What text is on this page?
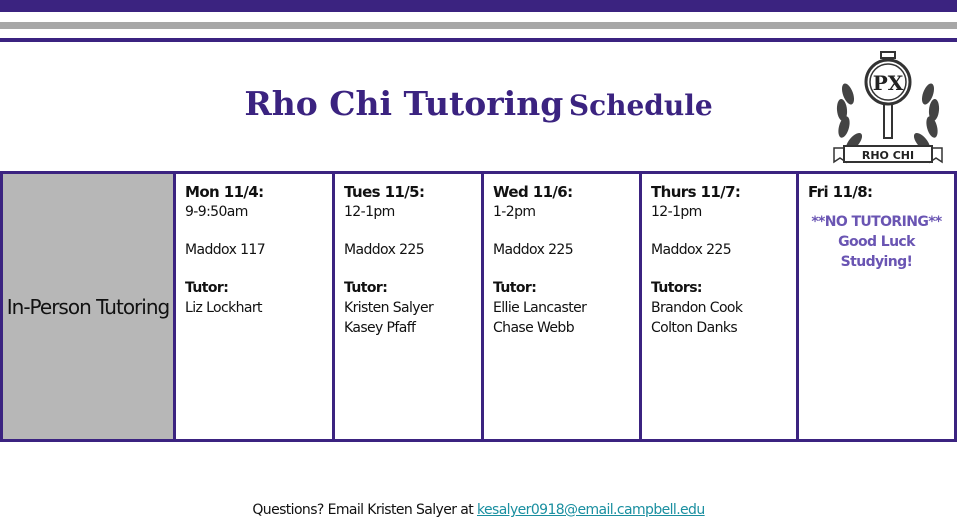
Rho Chi Tutoring Schedule
PX
RHO CHI
In-Person Tutoring
Mon 11/4:
9-9:50am
Maddox 117
Tutor:
Liz Lockhart
Tues 11/5:
12-1pm
Maddox 225
Tutor:
Kristen Salyer
Kasey Pfaff
Wed 11/6:
1-2pm
Maddox 225
Tutor:
Ellie Lancaster
Chase Webb
Thurs 11/7:
12-1pm
Maddox 225
Tutors:
Brandon Cook
Colton Danks
Fri 11/8:
**NO TUTORING**
Good Luck Studying!
Questions? Email Kristen Salyer at kesalyer0918@email.campbell.edu
